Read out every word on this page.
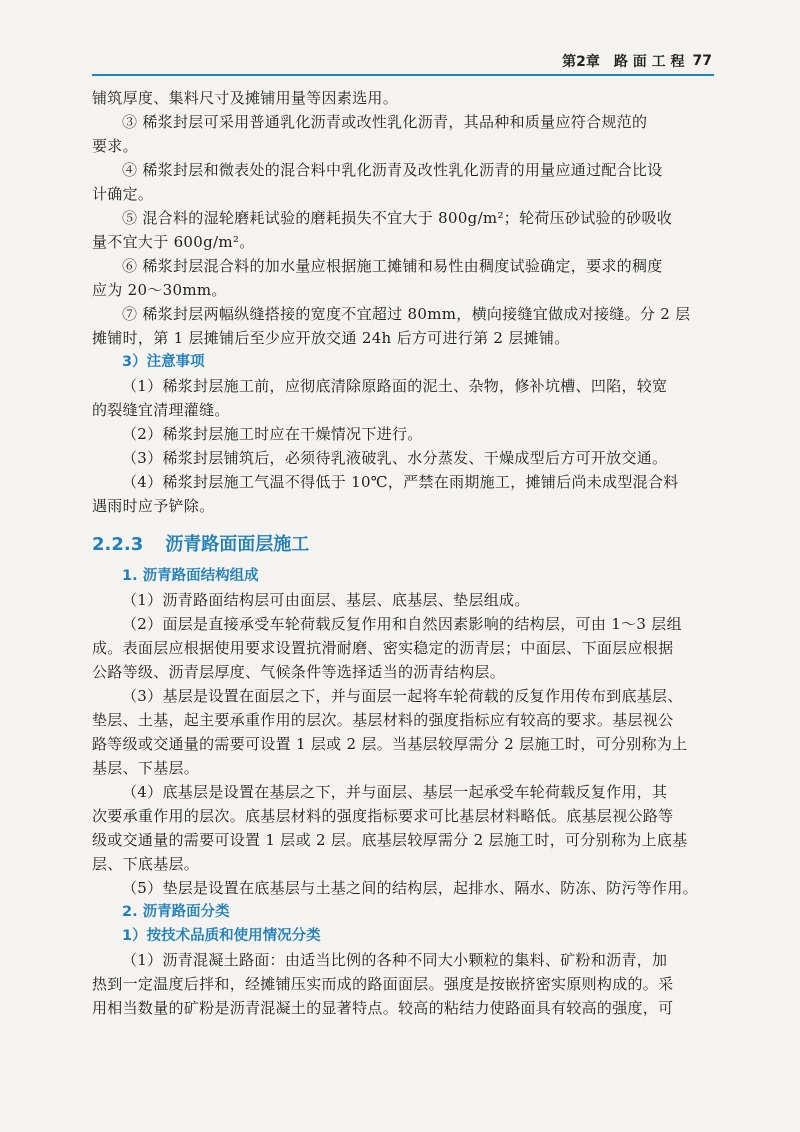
第2章 路 面 工 程 77

铺筑厚度、集料尺寸及摊铺用量等因素选用。

③ 稀浆封层可采用普通乳化沥青或改性乳化沥青，其品种和质量应符合规范的

要求。

④ 稀浆封层和微表处的混合料中乳化沥青及改性乳化沥青的用量应通过配合比设

计确定。

⑤ 混合料的湿轮磨耗试验的磨耗损失不宜大于 800g/m²；轮荷压砂试验的砂吸收

量不宜大于 600g/m²。

⑥ 稀浆封层混合料的加水量应根据施工摊铺和易性由稠度试验确定，要求的稠度

应为 20～30mm。

⑦ 稀浆封层两幅纵缝搭接的宽度不宜超过 80mm，横向接缝宜做成对接缝。分 2 层

摊铺时，第 1 层摊铺后至少应开放交通 24h 后方可进行第 2 层摊铺。

3）注意事项

（1）稀浆封层施工前，应彻底清除原路面的泥土、杂物，修补坑槽、凹陷，较宽

的裂缝宜清理灌缝。

（2）稀浆封层施工时应在干燥情况下进行。

（3）稀浆封层铺筑后，必须待乳液破乳、水分蒸发、干燥成型后方可开放交通。

（4）稀浆封层施工气温不得低于 10℃，严禁在雨期施工，摊铺后尚未成型混合料

遇雨时应予铲除。

2.2.3 沥青路面面层施工

1. 沥青路面结构组成

（1）沥青路面结构层可由面层、基层、底基层、垫层组成。

（2）面层是直接承受车轮荷载反复作用和自然因素影响的结构层，可由 1～3 层组

成。表面层应根据使用要求设置抗滑耐磨、密实稳定的沥青层；中面层、下面层应根据

公路等级、沥青层厚度、气候条件等选择适当的沥青结构层。

（3）基层是设置在面层之下，并与面层一起将车轮荷载的反复作用传布到底基层、

垫层、土基，起主要承重作用的层次。基层材料的强度指标应有较高的要求。基层视公

路等级或交通量的需要可设置 1 层或 2 层。当基层较厚需分 2 层施工时，可分别称为上

基层、下基层。

（4）底基层是设置在基层之下，并与面层、基层一起承受车轮荷载反复作用，其

次要承重作用的层次。底基层材料的强度指标要求可比基层材料略低。底基层视公路等

级或交通量的需要可设置 1 层或 2 层。底基层较厚需分 2 层施工时，可分别称为上底基

层、下底基层。

（5）垫层是设置在底基层与土基之间的结构层，起排水、隔水、防冻、防污等作用。

2. 沥青路面分类

1）按技术品质和使用情况分类

（1）沥青混凝土路面：由适当比例的各种不同大小颗粒的集料、矿粉和沥青，加

热到一定温度后拌和，经摊铺压实而成的路面面层。强度是按嵌挤密实原则构成的。采

用相当数量的矿粉是沥青混凝土的显著特点。较高的粘结力使路面具有较高的强度，可
